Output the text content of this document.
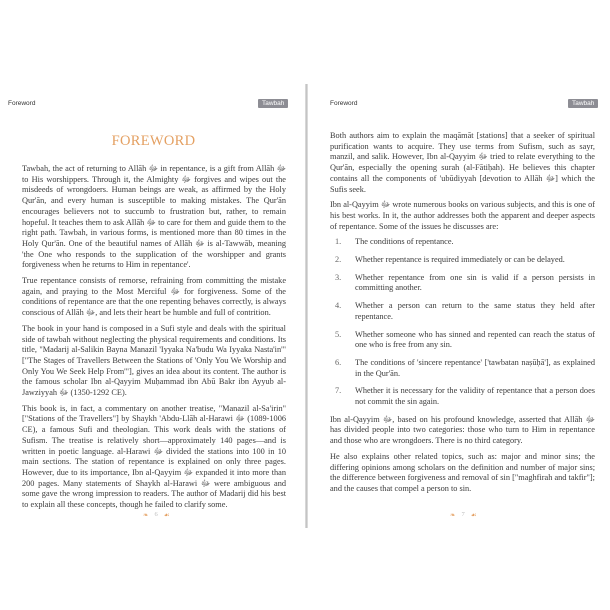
Foreword	Tawbah
FOREWORD

Tawbah, the act of returning to Allāh ﷻ in repentance, is a gift from Allāh ﷻ to His worshippers. Through it, the Almighty ﷻ forgives and wipes out the misdeeds of wrongdoers. Human beings are weak, as affirmed by the Holy Qur'ān, and every human is susceptible to making mistakes. The Qur'ān encourages believers not to succumb to frustration but, rather, to remain hopeful. It teaches them to ask Allāh ﷻ to care for them and guide them to the right path. Tawbah, in various forms, is mentioned more than 80 times in the Holy Qur'ān. One of the beautiful names of Allāh ﷻ is al-Tawwāb, meaning 'the One who responds to the supplication of the worshipper and grants forgiveness when he returns to Him in repentance'.

True repentance consists of remorse, refraining from committing the mistake again, and praying to the Most Merciful ﷻ for forgiveness. Some of the conditions of repentance are that the one repenting behaves correctly, is always conscious of Allāh ﷻ, and lets their heart be humble and full of contrition.

The book in your hand is composed in a Sufi style and deals with the spiritual side of tawbah without neglecting the physical requirements and conditions. Its title, "Madarij al-Salikin Bayna Manazil 'Iyyaka Na'budu Wa Iyyaka Nasta'in'" ["The Stages of Travellers Between the Stations of 'Only You We Worship and Only You We Seek Help From'"], gives an idea about its content. The author is the famous scholar Ibn al-Qayyim Muḥammad ibn Abū Bakr ibn Ayyub al-Jawziyyah ﷻ (1292-1350 CE).

This book is, in fact, a commentary on another treatise, "Manazil al-Sa'irin" ["Stations of the Travellers"] by Shaykh 'Abdu-Llāh al-Harawi ﷻ (1006-1089 CE), a famous Sufi and theologian. This work deals with the stations of Sufism. The treatise is relatively short—approximately 140 pages—and is written in poetic language. al-Harawi ﷻ divided the stations into 100 in 10 main sections. The station of repentance is explained on only three pages. However, due to its importance, Ibn al-Qayyim ﷻ expanded it into more than 200 pages. Many statements of Shaykh al-Harawi ﷻ were ambiguous and some gave the wrong impression to readers. The author of Madarij did his best to explain all these concepts, though he failed to clarify some.

❧ 6 ☙
Foreword	Tawbah

Both authors aim to explain the maqāmāt [stations] that a seeker of spiritual purification wants to acquire. They use terms from Sufism, such as sayr, manzil, and salik. However, Ibn al-Qayyim ﷻ tried to relate everything to the Qur'ān, especially the opening surah (al-Fātiḥah). He believes this chapter contains all the components of 'ubūdiyyah [devotion to Allāh ﷻ] which the Sufis seek.

Ibn al-Qayyim ﷻ wrote numerous books on various subjects, and this is one of his best works. In it, the author addresses both the apparent and deeper aspects of repentance. Some of the issues he discusses are:

1.	The conditions of repentance.
2.	Whether repentance is required immediately or can be delayed.
3.	Whether repentance from one sin is valid if a person persists in committing another.
4.	Whether a person can return to the same status they held after repentance.
5.	Whether someone who has sinned and repented can reach the status of one who is free from any sin.
6.	The conditions of 'sincere repentance' ['tawbatan naṣūḥā'], as explained in the Qur'ān.
7.	Whether it is necessary for the validity of repentance that a person does not commit the sin again.

Ibn al-Qayyim ﷻ, based on his profound knowledge, asserted that Allāh ﷻ has divided people into two categories: those who turn to Him in repentance and those who are wrongdoers. There is no third category.

He also explains other related topics, such as: major and minor sins; the differing opinions among scholars on the definition and number of major sins; the difference between forgiveness and removal of sin ["maghfirah and takfir"]; and the causes that compel a person to sin.

❧ 7 ☙
